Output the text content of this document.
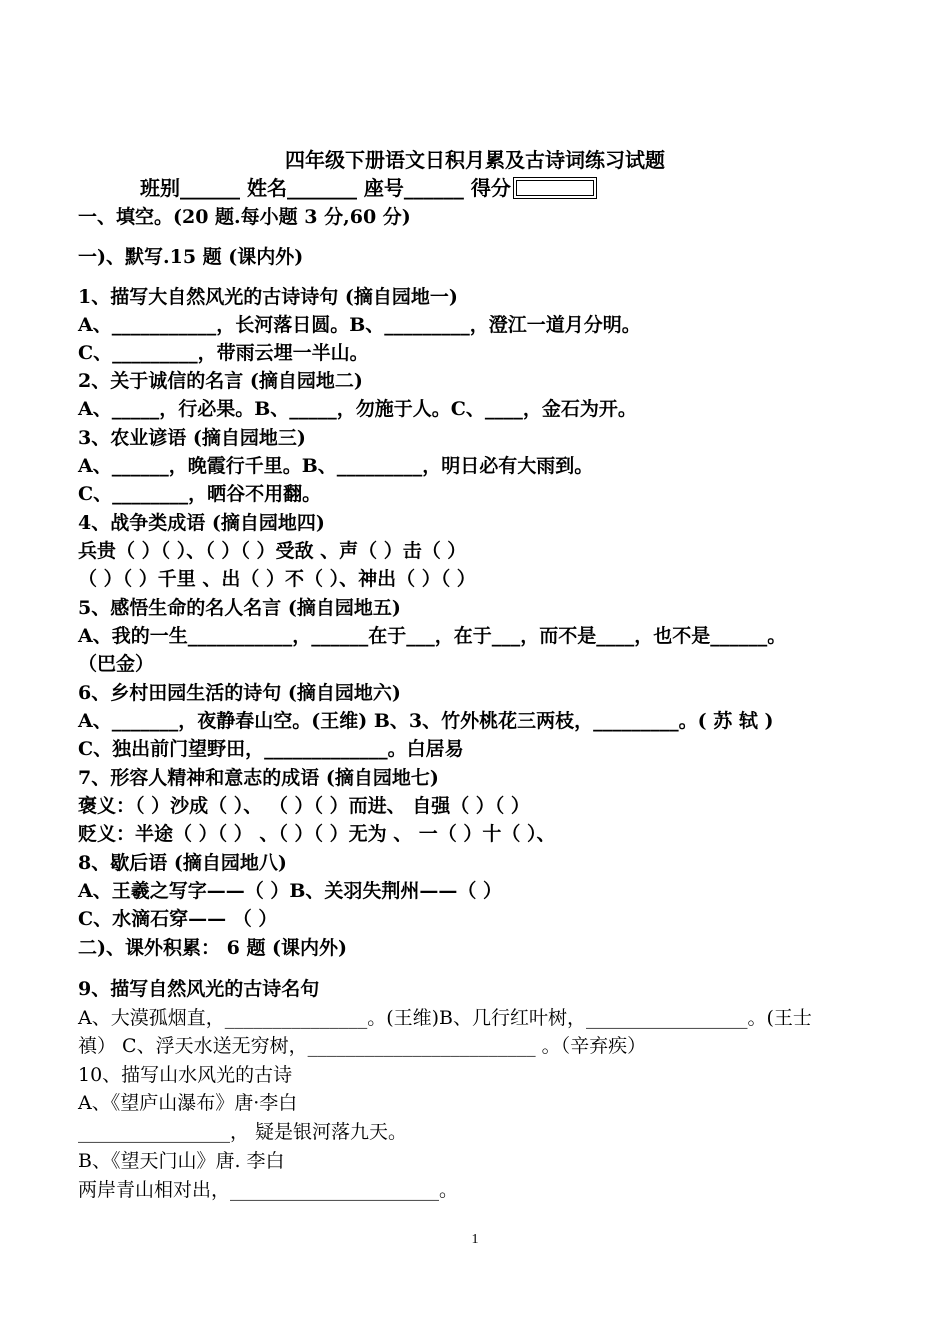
四年级下册语文日积月累及古诗词练习试题
班别______ 姓名_______ 座号______ 得分
一、填空。(20 题.每小题 3 分,60 分)
一)、默写.15 题 (课内外)
1、描写大自然风光的古诗诗句 (摘自园地一)
A、___________，长河落日圆。B、_________，澄江一道月分明。
C、_________，带雨云埋一半山。
2、关于诚信的名言 (摘自园地二)
A、_____，行必果。B、_____，勿施于人。C、____，金石为开。
3、农业谚语 (摘自园地三)
A、______，晚霞行千里。B、_________，明日必有大雨到。
C、________，晒谷不用翻。
4、战争类成语 (摘自园地四)
兵贵（ ）（ ）、（ ）（ ）受敌 、声（ ）击（ ）
（ ）（ ）千里 、出（ ）不（ ）、神出（ ）（ ）
5、感悟生命的名人名言 (摘自园地五)
A、我的一生___________，______在于___，在于___，而不是____，也不是______。
（巴金）
6、乡村田园生活的诗句 (摘自园地六)
A、_______，夜静春山空。(王维) B、3、竹外桃花三两枝，_________。( 苏 轼 )
C、独出前门望野田，_____________。白居易
7、形容人精神和意志的成语 (摘自园地七)
褒义：（ ）沙成（ ）、 （ ）（ ）而进、 自强（ ）（ ）
贬义：半途（ ）（ ） 、（ ）（ ）无为 、 一（ ）十（ ）、
8、歇后语 (摘自园地八)
A、王羲之写字——（ ）B、关羽失荆州——（ ）
C、水滴石穿—— （ ）
二)、课外积累： 6 题 (课内外)
9、描写自然风光的古诗名句
A、大漠孤烟直，_______________。(王维)B、几行红叶树，_________________。(王士
禛） C、浮天水送无穷树，________________________ 。（辛弃疾）
10、描写山水风光的古诗
A、《望庐山瀑布》唐·李白
________________， 疑是银河落九天。
B、《望天门山》唐. 李白
两岸青山相对出，______________________。
1
